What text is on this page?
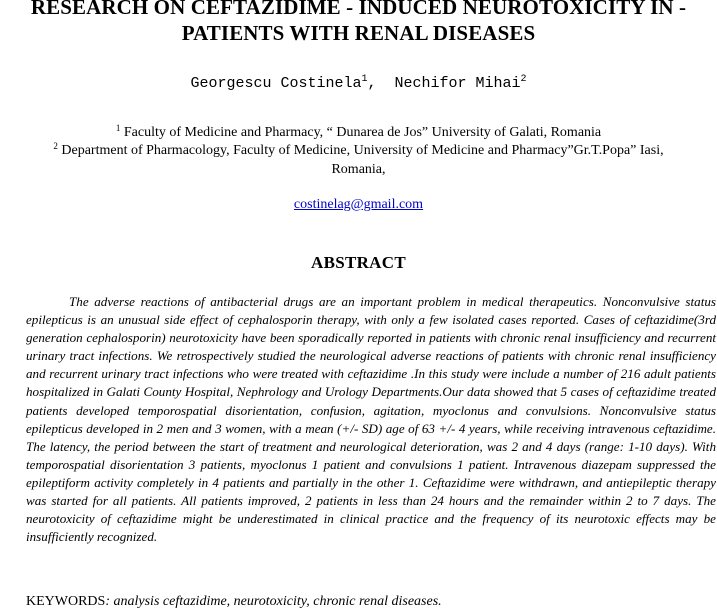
RESEARCH ON CEFTAZIDIME - INDUCED NEUROTOXICITY IN -
PATIENTS WITH RENAL DISEASES
Georgescu Costinela$^1$,  Nechifor Mihai$^2$
$^1$ Faculty of Medicine and Pharmacy, “ Dunarea de Jos” University of Galati, Romania
$^2$ Department of Pharmacology, Faculty of Medicine, University of Medicine and Pharmacy”Gr.T.Popa” Iasi,
Romania,
costinelag@gmail.com
ABSTRACT

The adverse reactions of antibacterial drugs are an important problem in medical therapeutics. Nonconvulsive status epilepticus is an unusual side effect of cephalosporin therapy, with only a few isolated cases reported. Cases of ceftazidime(3rd generation cephalosporin) neurotoxicity have been sporadically reported in patients with chronic renal insufficiency and recurrent urinary tract infections. We retrospectively studied the neurological adverse reactions of patients with chronic renal insufficiency and recurrent urinary tract infections who were treated with ceftazidime .In this study were include a number of 216 adult patients hospitalized in Galati County Hospital, Nephrology and Urology Departments.Our data showed that 5 cases of ceftazidime treated patients developed temporospatial disorientation, confusion, agitation, myoclonus and convulsions. Nonconvulsive status epilepticus developed in 2 men and 3 women, with a mean (+/- SD) age of 63 +/- 4 years, while receiving intravenous ceftazidime. The latency, the period between the start of treatment and neurological deterioration, was 2 and 4 days (range: 1-10 days). With temporospatial disorientation 3 patients, myoclonus 1 patient and convulsions 1 patient. Intravenous diazepam suppressed the epileptiform activity completely in 4 patients and partially in the other 1. Ceftazidime were withdrawn, and antiepileptic therapy was started for all patients. All patients improved, 2 patients in less than 24 hours and the remainder within 2 to 7 days. The neurotoxicity of ceftazidime might be underestimated in clinical practice and the frequency of its neurotoxic effects may be insufficiently recognized.

KEYWORDS: analysis ceftazidime, neurotoxicity, chronic renal diseases.
